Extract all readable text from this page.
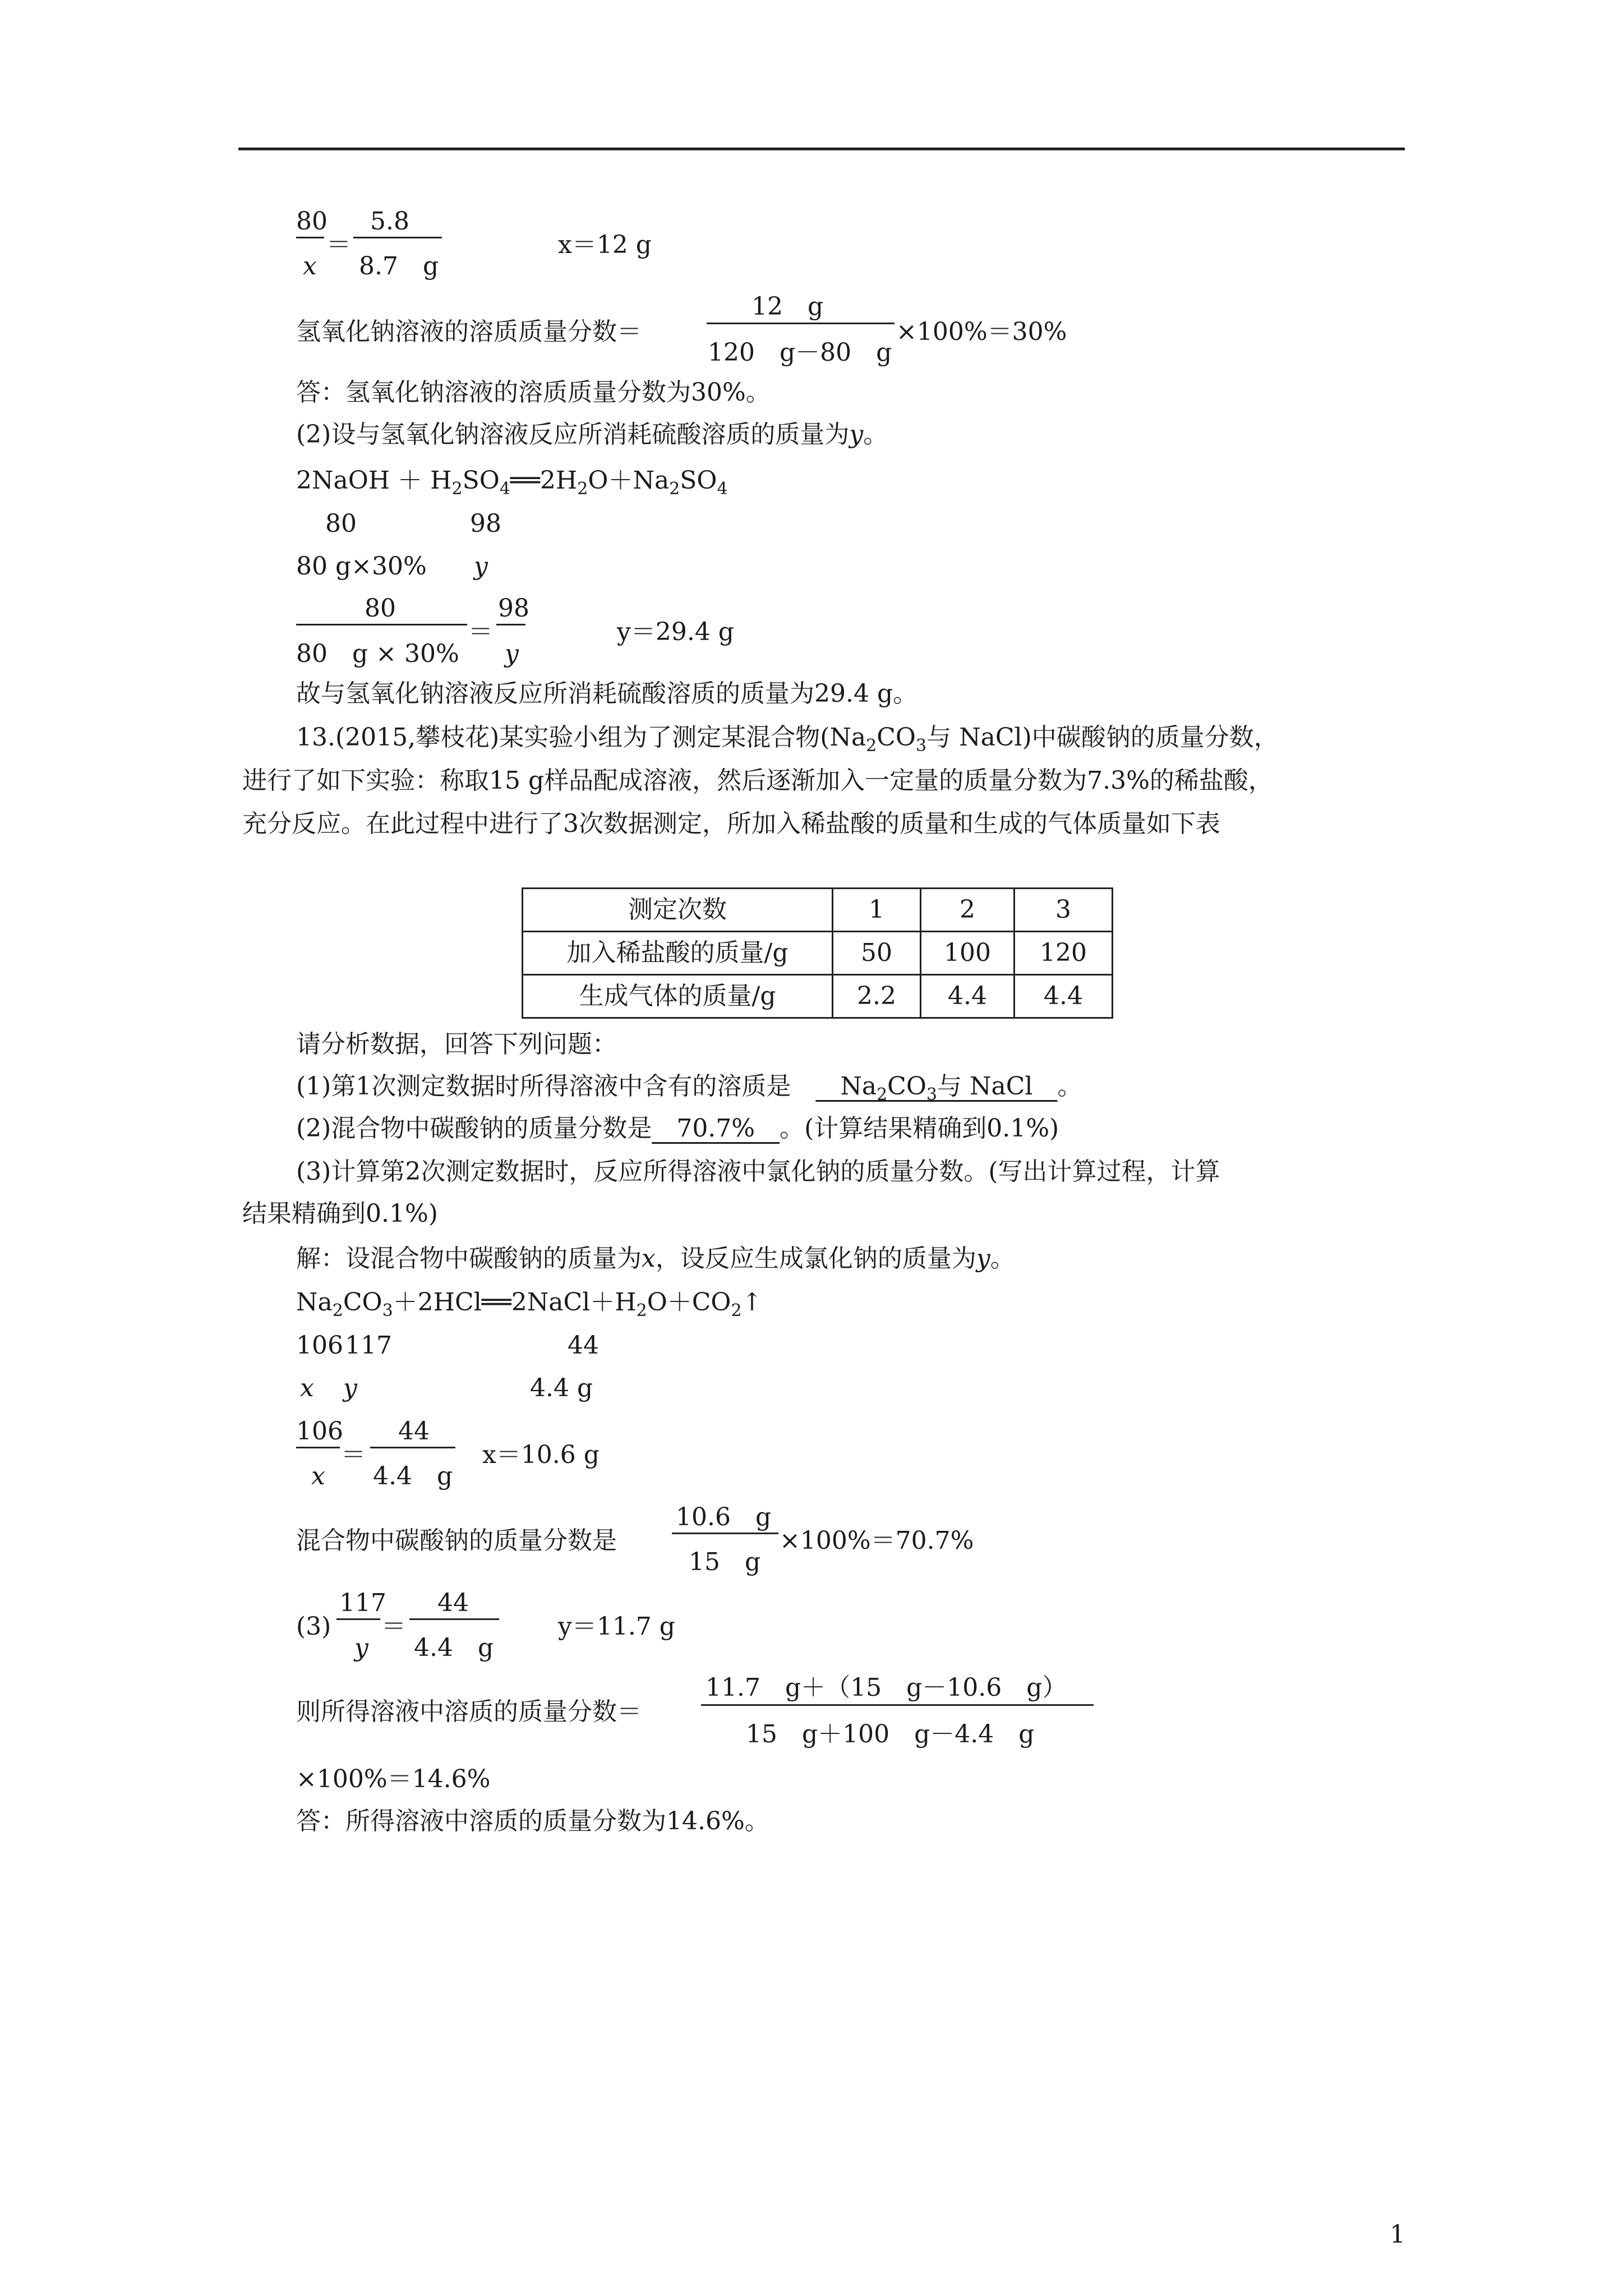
80
x
＝
5.8
8.7　g
x＝12 g
氢氧化钠溶液的溶质质量分数＝
12　g
120　g－80　g
×100%＝30%
答：氢氧化钠溶液的溶质质量分数为30%。
(2)设与氢氧化钠溶液反应所消耗硫酸溶质的质量为y。
2NaOH ＋ $H_2SO_4══2H_2O+Na_2SO_4$
80	98
80 g×30% y
80
80　g × 30%
＝
98
y
y＝29.4 g
故与氢氧化钠溶液反应所消耗硫酸溶质的质量为29.4 g。
13.(2015,攀枝花)某实验小组为了测定某混合物($Na_2CO_3$与 NaCl)中碳酸钠的质量分数，
进行了如下实验：称取15 g样品配成溶液，然后逐渐加入一定量的质量分数为7.3%的稀盐酸，
充分反应。在此过程中进行了3次数据测定，所加入稀盐酸的质量和生成的气体质量如下表
测定次数	1	2	3
加入稀盐酸的质量/g	50	100	120
生成气体的质量/g	2.2	4.4	4.4
请分析数据，回答下列问题：
(1)第1次测定数据时所得溶液中含有的溶质是　　$Na_2CO_3$与 NaCl　。
(2)混合物中碳酸钠的质量分数是　 70.7%　 。(计算结果精确到0.1%)
(3)计算第2次测定数据时，反应所得溶液中氯化钠的质量分数。(写出计算过程，计算
结果精确到0.1%)
解：设混合物中碳酸钠的质量为x，设反应生成氯化钠的质量为y。
$Na_2CO_3+2HCl══2NaCl+H_2O+CO_2↑$
106 117	44
x y	4.4 g
106
x
＝
44
4.4　g
x＝10.6 g
混合物中碳酸钠的质量分数是
10.6　g
15　g
×100%＝70.7%
(3)
117
y
＝
44
4.4　g
y＝11.7 g
则所得溶液中溶质的质量分数＝
11.7　g＋（15　g－10.6　g）
15　g＋100　g－4.4　g
×100%＝14.6%
答：所得溶液中溶质的质量分数为14.6%。
1
